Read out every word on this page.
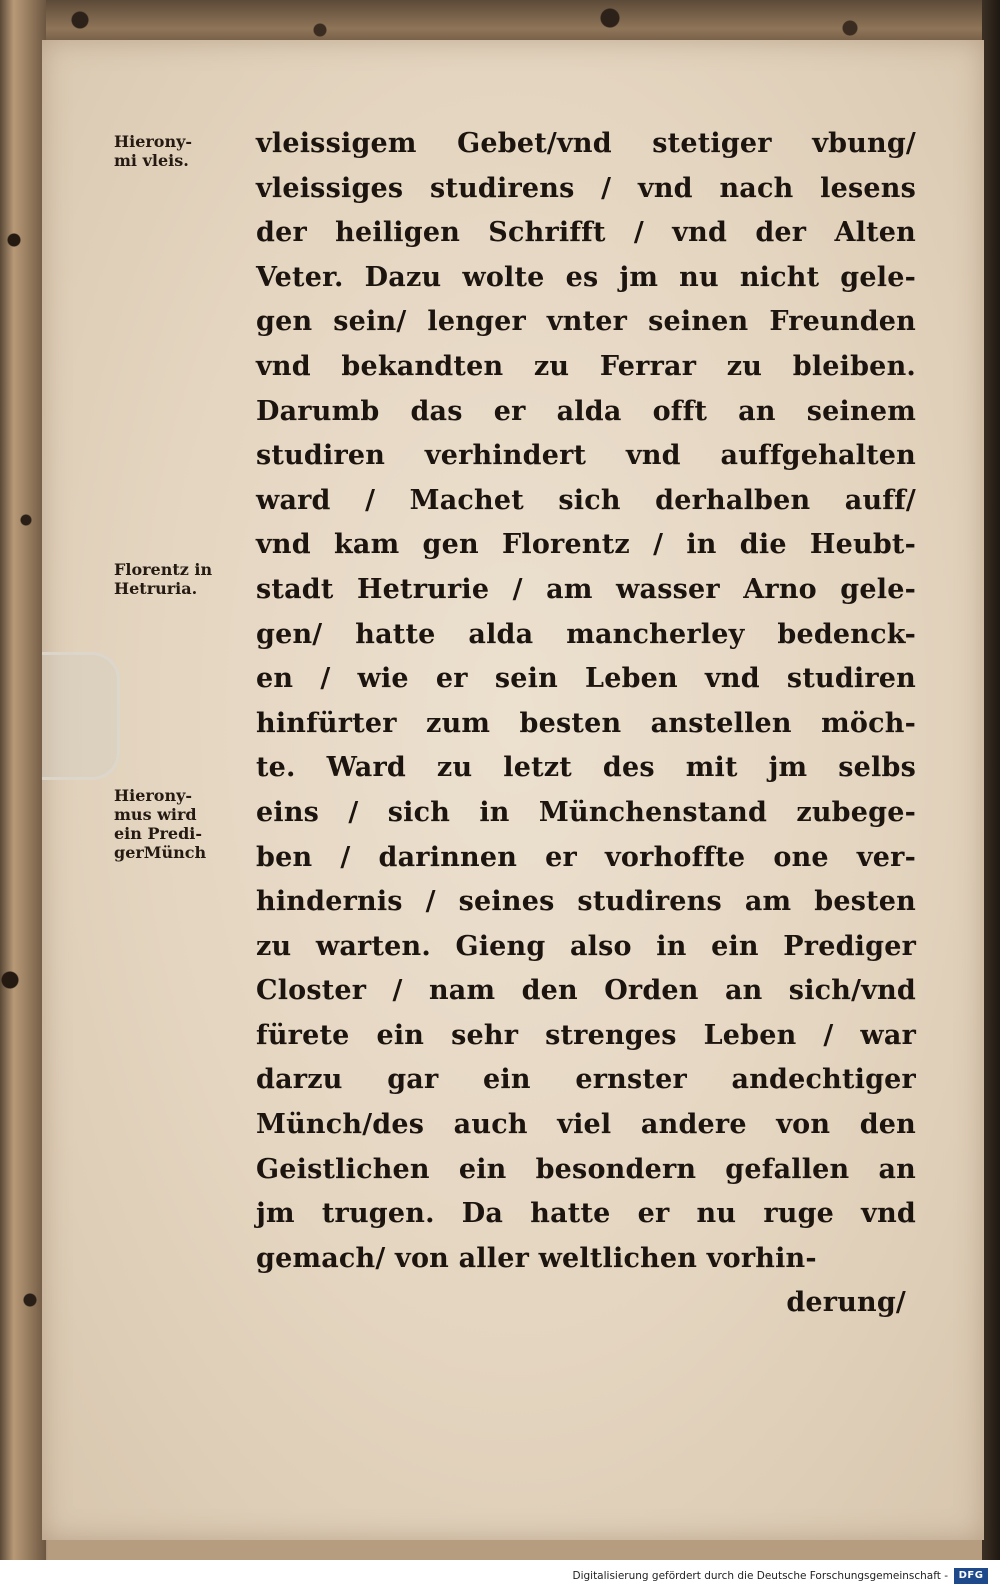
Hierony-
mi vleis.
Florentz in
Hetruria.
Hierony-
mus wird
ein Predi-
gerMünch
vleissigem Gebet/vnd stetiger vbung/
vleissiges studirens / vnd nach lesens
der heiligen Schrifft / vnd der Alten
Veter. Dazu wolte es jm nu nicht gele-
gen sein/ lenger vnter seinen Freunden
vnd bekandten zu Ferrar zu bleiben.
Darumb das er alda offt an seinem
studiren verhindert vnd auffgehalten
ward / Machet sich derhalben auff/
vnd kam gen Florentz / in die Heubt-
stadt Hetrurie / am wasser Arno gele-
gen/ hatte alda mancherley bedenck-
en / wie er sein Leben vnd studiren
hinfürter zum besten anstellen möch-
te. Ward zu letzt des mit jm selbs
eins / sich in Münchenstand zubege-
ben / darinnen er vorhoffte one ver-
hindernis / seines studirens am besten
zu warten. Gieng also in ein Prediger
Closter / nam den Orden an sich/vnd
fürete ein sehr strenges Leben / war
darzu gar ein ernster andechtiger
Münch/des auch viel andere von den
Geistlichen ein besondern gefallen an
jm trugen. Da hatte er nu ruge vnd
gemach/ von aller weltlichen vorhin-
derung/
Digitalisierung gefördert durch die Deutsche Forschungsgemeinschaft -	DFG
